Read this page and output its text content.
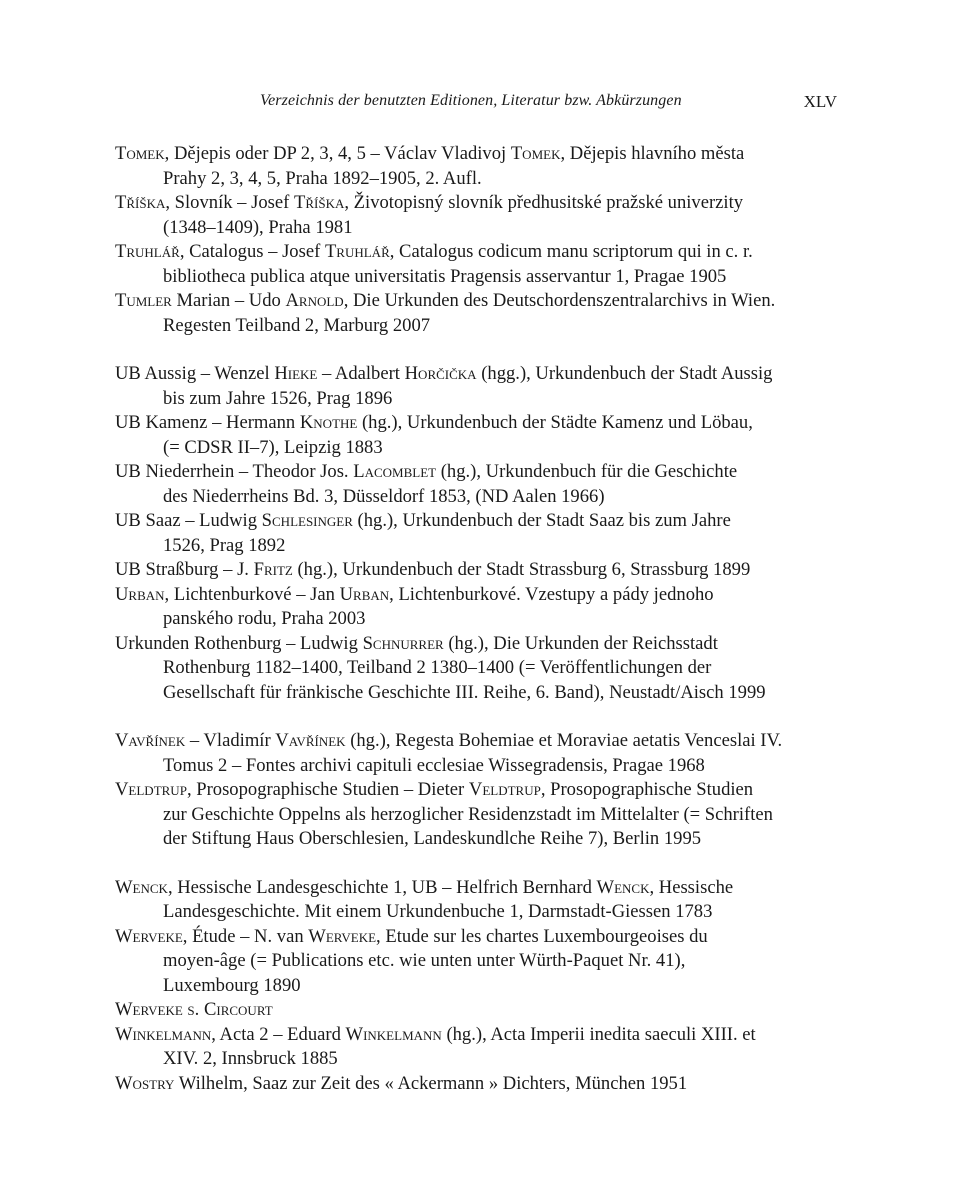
Verzeichnis der benutzten Editionen, Literatur bzw. Abkürzungen	XLV

Tomek, Dějepis oder DP 2, 3, 4, 5 – Václav Vladivoj Tomek, Dějepis hlavního města
Prahy 2, 3, 4, 5, Praha 1892–1905, 2. Aufl.

Tříška, Slovník – Josef Tříška, Životopisný slovník předhusitské pražské univerzity
(1348–1409), Praha 1981

Truhlář, Catalogus – Josef Truhlář, Catalogus codicum manu scriptorum qui in c. r.
bibliotheca publica atque universitatis Pragensis asservantur 1, Pragae 1905

Tumler Marian – Udo Arnold, Die Urkunden des Deutschordenszentralarchivs in Wien.
Regesten Teilband 2, Marburg 2007

UB Aussig – Wenzel Hieke – Adalbert Horčička (hgg.), Urkundenbuch der Stadt Aussig
bis zum Jahre 1526, Prag 1896

UB Kamenz – Hermann Knothe (hg.), Urkundenbuch der Städte Kamenz und Löbau,
(= CDSR II–7), Leipzig 1883

UB Niederrhein – Theodor Jos. Lacomblet (hg.), Urkundenbuch für die Geschichte
des Niederrheins Bd. 3, Düsseldorf 1853, (ND Aalen 1966)

UB Saaz – Ludwig Schlesinger (hg.), Urkundenbuch der Stadt Saaz bis zum Jahre
1526, Prag 1892

UB Straßburg – J. Fritz (hg.), Urkundenbuch der Stadt Strassburg 6, Strassburg 1899

Urban, Lichtenburkové – Jan Urban, Lichtenburkové. Vzestupy a pády jednoho
panského rodu, Praha 2003

Urkunden Rothenburg – Ludwig Schnurrer (hg.), Die Urkunden der Reichsstadt
Rothenburg 1182–1400, Teilband 2 1380–1400 (= Veröffentlichungen der
Gesellschaft für fränkische Geschichte III. Reihe, 6. Band), Neustadt/Aisch 1999

Vavřínek – Vladimír Vavřínek (hg.), Regesta Bohemiae et Moraviae aetatis Venceslai IV.
Tomus 2 – Fontes archivi capituli ecclesiae Wissegradensis, Pragae 1968

Veldtrup, Prosopographische Studien – Dieter Veldtrup, Prosopographische Studien
zur Geschichte Oppelns als herzoglicher Residenzstadt im Mittelalter (= Schriften
der Stiftung Haus Oberschlesien, Landeskundlche Reihe 7), Berlin 1995

Wenck, Hessische Landesgeschichte 1, UB – Helfrich Bernhard Wenck, Hessische
Landesgeschichte. Mit einem Urkundenbuche 1, Darmstadt-Giessen 1783

Werveke, Étude – N. van Werveke, Etude sur les chartes Luxembourgeoises du
moyen-âge (= Publications etc. wie unten unter Würth-Paquet Nr. 41),
Luxembourg 1890

Werveke s. Circourt

Winkelmann, Acta 2 – Eduard Winkelmann (hg.), Acta Imperii inedita saeculi XIII. et
XIV. 2, Innsbruck 1885

Wostry Wilhelm, Saaz zur Zeit des « Ackermann » Dichters, München 1951
